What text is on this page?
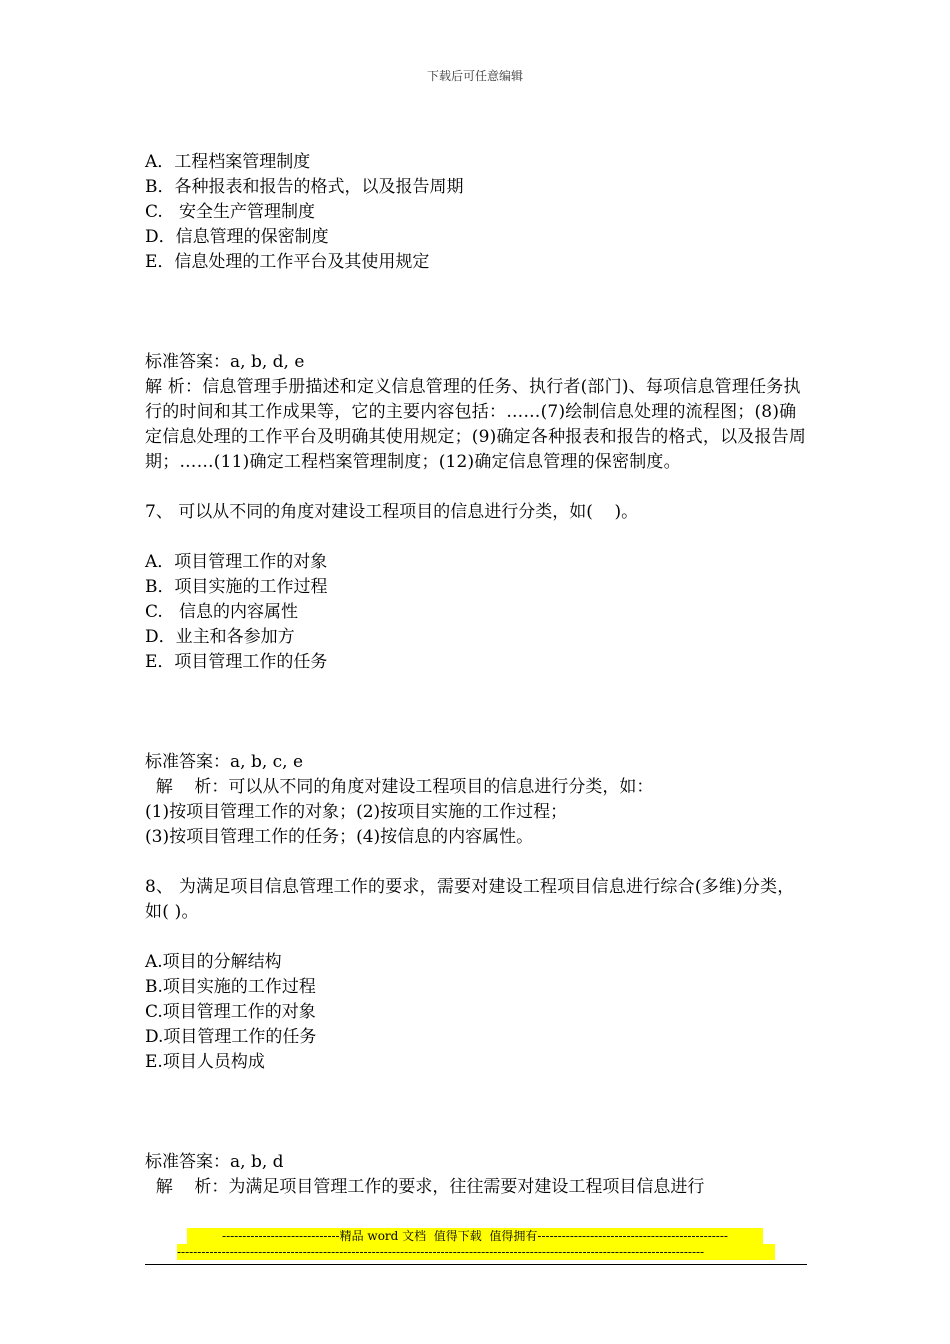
下载后可任意编辑
A．工程档案管理制度
B．各种报表和报告的格式，以及报告周期
C.   安全生产管理制度
D．信息管理的保密制度
E．信息处理的工作平台及其使用规定
标准答案：a, b, d, e
解 析：信息管理手册描述和定义信息管理的任务、执行者(部门)、每项信息管理任务执行的时间和其工作成果等，它的主要内容包括：……(7)绘制信息处理的流程图；(8)确定信息处理的工作平台及明确其使用规定；(9)确定各种报表和报告的格式，以及报告周期；……(11)确定工程档案管理制度；(12)确定信息管理的保密制度。
7、 可以从不同的角度对建设工程项目的信息进行分类，如(    )。
A．项目管理工作的对象
B．项目实施的工作过程
C.   信息的内容属性
D．业主和各参加方
E．项目管理工作的任务
标准答案：a, b, c, e
解    析：可以从不同的角度对建设工程项目的信息进行分类，如：
(1)按项目管理工作的对象；(2)按项目实施的工作过程；
(3)按项目管理工作的任务；(4)按信息的内容属性。
8、 为满足项目信息管理工作的要求，需要对建设工程项目信息进行综合(多维)分类，如( )。
A.项目的分解结构
B.项目实施的工作过程
C.项目管理工作的对象
D.项目管理工作的任务
E.项目人员构成
标准答案：a, b, d
解    析：为满足项目管理工作的要求，往往需要对建设工程项目信息进行
-----------------------------精品 word 文档  值得下载  值得拥有-----------------------------------------------
----------------------------------------------------------------------------------------------------------------------------------
